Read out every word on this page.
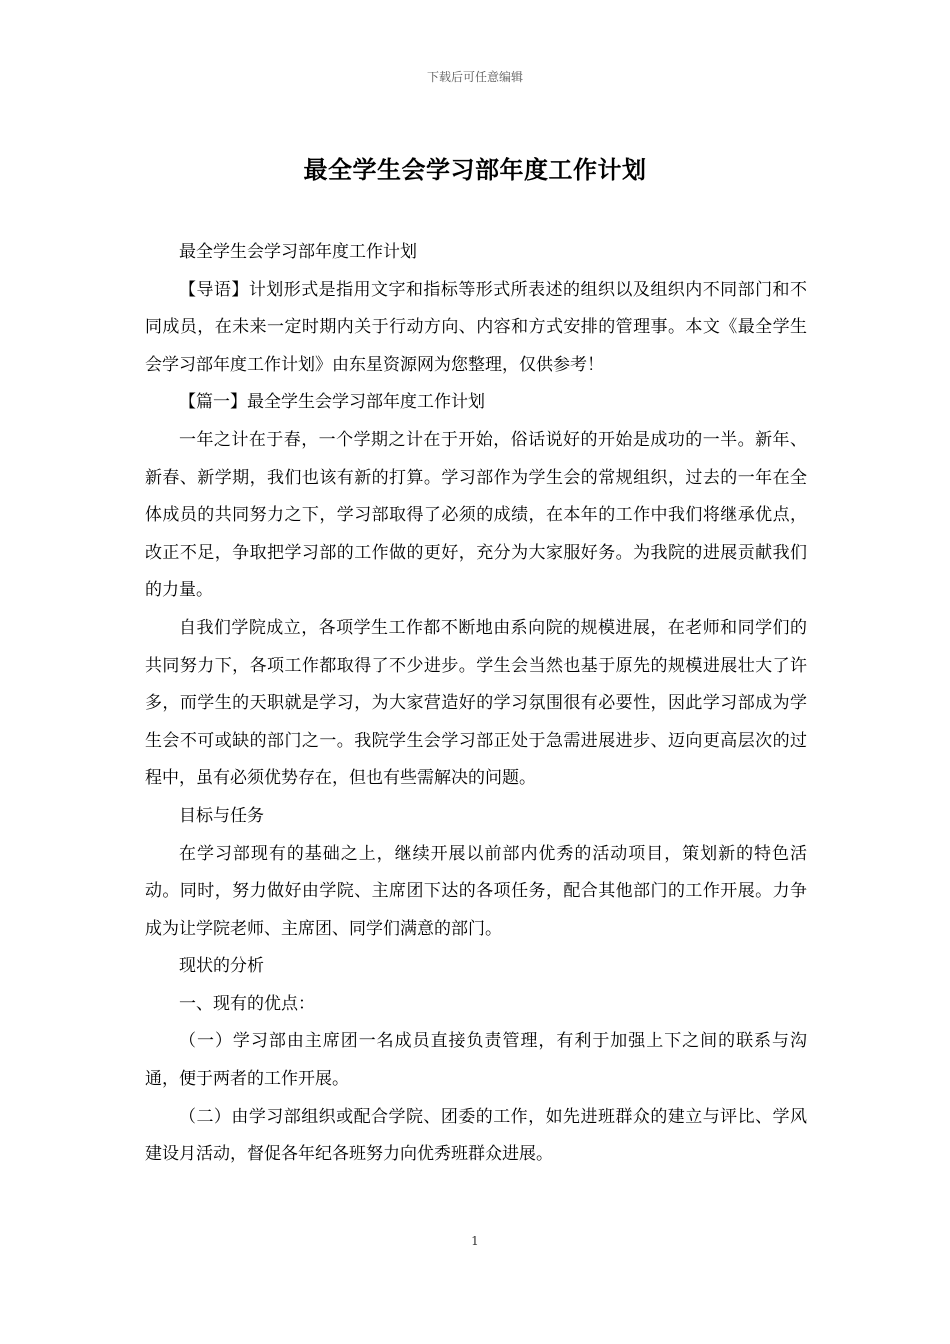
下载后可任意编辑
最全学生会学习部年度工作计划

最全学生会学习部年度工作计划

【导语】计划形式是指用文字和指标等形式所表述的组织以及组织内不同部门和不同成员，在未来一定时期内关于行动方向、内容和方式安排的管理事。本文《最全学生会学习部年度工作计划》由东星资源网为您整理，仅供参考！

【篇一】最全学生会学习部年度工作计划

一年之计在于春，一个学期之计在于开始，俗话说好的开始是成功的一半。新年、新春、新学期，我们也该有新的打算。学习部作为学生会的常规组织，过去的一年在全体成员的共同努力之下，学习部取得了必须的成绩，在本年的工作中我们将继承优点，改正不足，争取把学习部的工作做的更好，充分为大家服好务。为我院的进展贡献我们的力量。

自我们学院成立，各项学生工作都不断地由系向院的规模进展，在老师和同学们的共同努力下，各项工作都取得了不少进步。学生会当然也基于原先的规模进展壮大了许多，而学生的天职就是学习，为大家营造好的学习氛围很有必要性，因此学习部成为学生会不可或缺的部门之一。我院学生会学习部正处于急需进展进步、迈向更高层次的过程中，虽有必须优势存在，但也有些需解决的问题。

目标与任务

在学习部现有的基础之上，继续开展以前部内优秀的活动项目，策划新的特色活动。同时，努力做好由学院、主席团下达的各项任务，配合其他部门的工作开展。力争成为让学院老师、主席团、同学们满意的部门。

现状的分析

一、现有的优点：

（一）学习部由主席团一名成员直接负责管理，有利于加强上下之间的联系与沟通，便于两者的工作开展。

（二）由学习部组织或配合学院、团委的工作，如先进班群众的建立与评比、学风建设月活动，督促各年纪各班努力向优秀班群众进展。

1
